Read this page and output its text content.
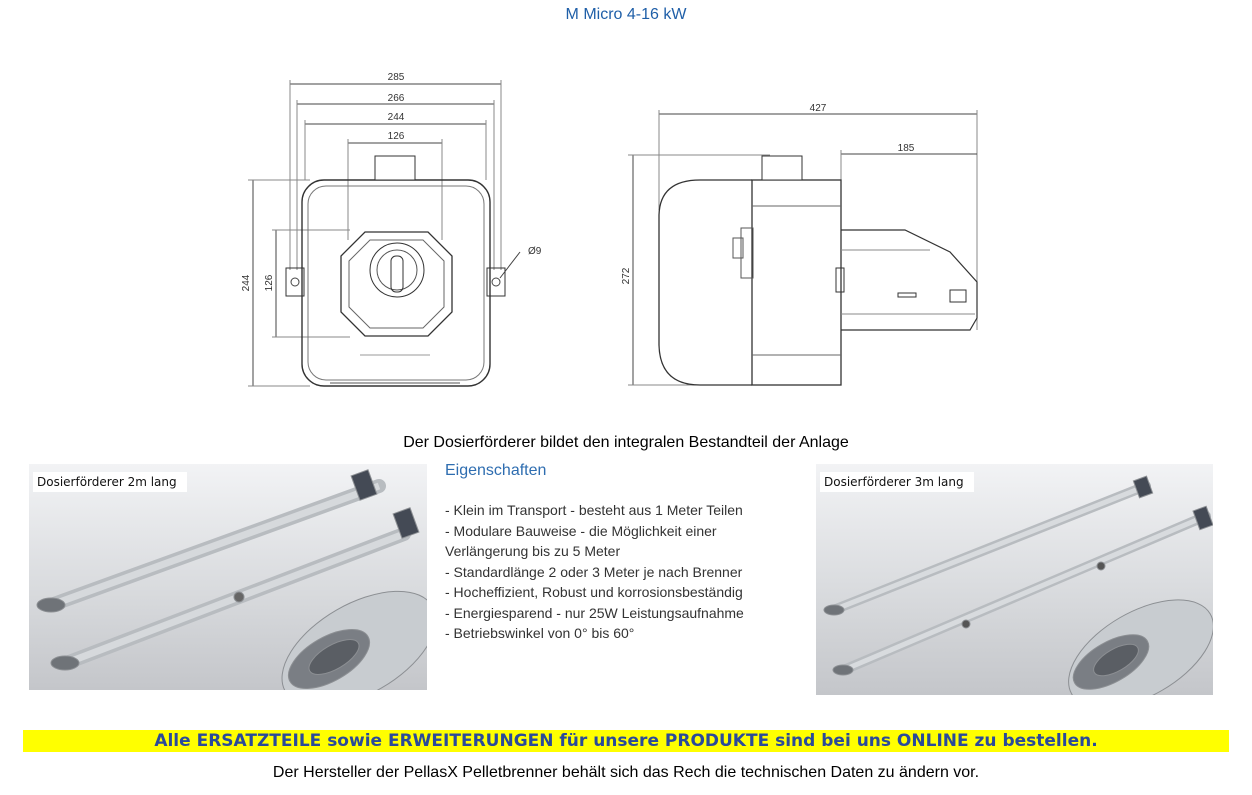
M Micro 4-16 kW
285
266
244
126
244 126
Ø9
427
185
272
Der Dosierförderer bildet den integralen Bestandteil der Anlage
Dosierförderer 2m lang
Eigenschaften
- Klein im Transport - besteht aus 1 Meter Teilen
- Modulare Bauweise - die Möglichkeit einer
Verlängerung bis zu 5 Meter
- Standardlänge 2 oder 3 Meter je nach Brenner
- Hocheffizient, Robust und korrosionsbeständig
- Energiesparend - nur 25W Leistungsaufnahme
- Betriebswinkel von 0° bis 60°
Dosierförderer 3m lang
Alle ERSATZTEILE sowie ERWEITERUNGEN für unsere PRODUKTE sind bei uns ONLINE zu bestellen.
Der Hersteller der PellasX Pelletbrenner behält sich das Rech die technischen Daten zu ändern vor.
